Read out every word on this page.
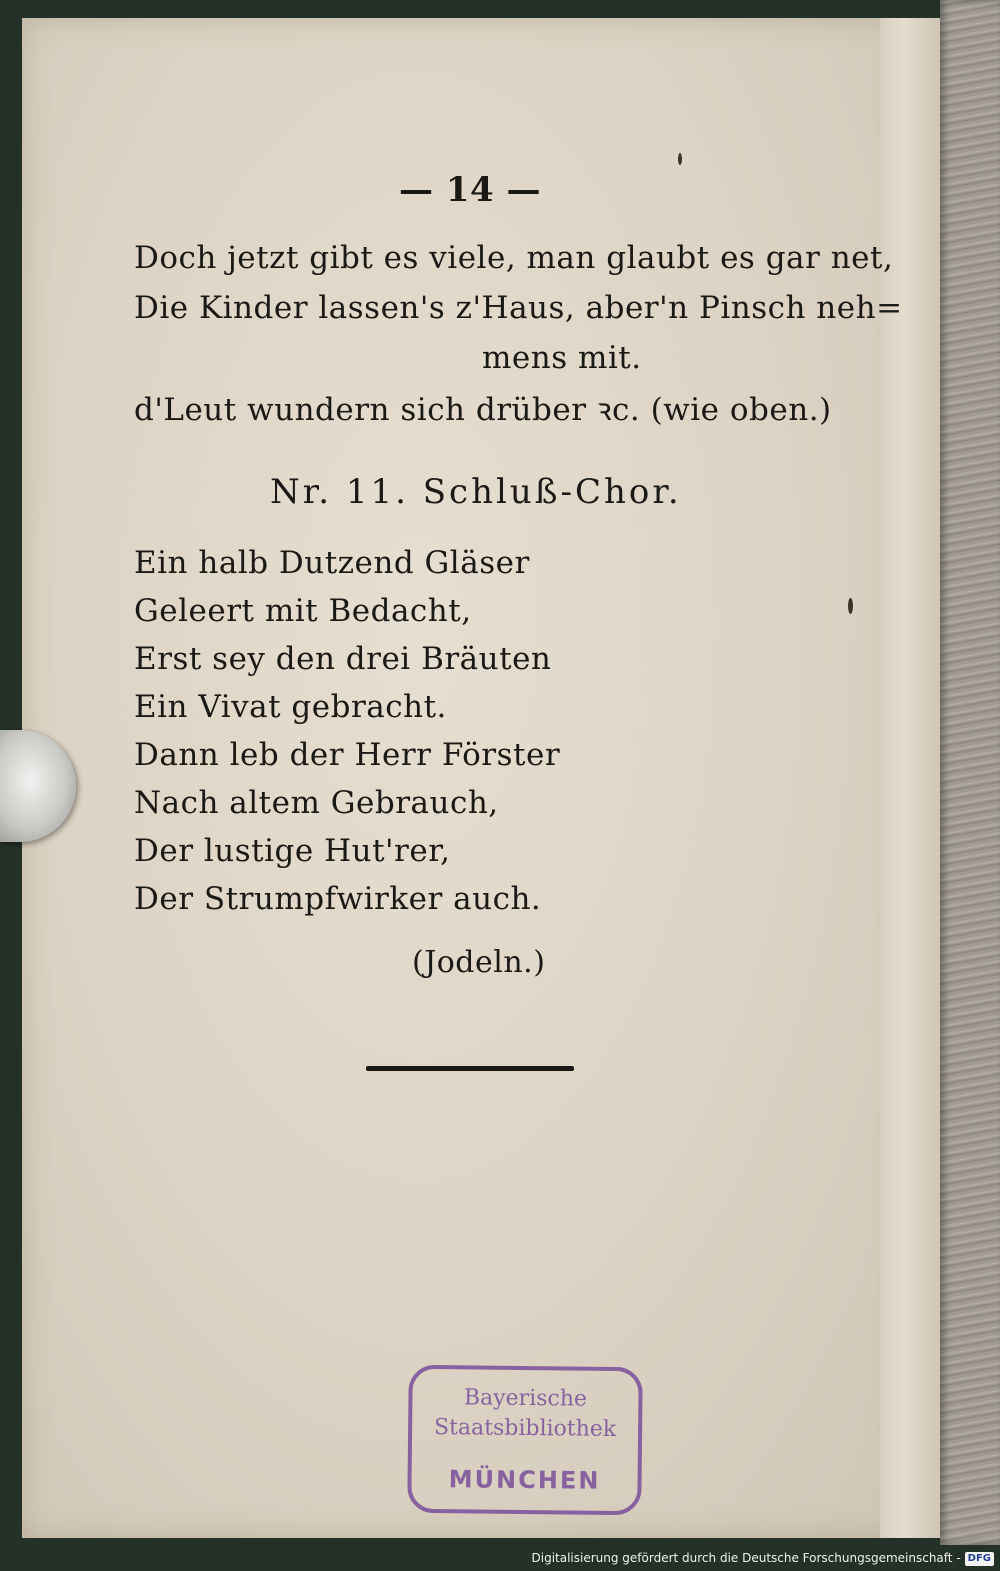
— 14 —
Doch jetzt gibt es viele, man glaubt es gar net,
Die Kinder lassen's z'Haus, aber'n Pinsch neh=
mens mit.
d'Leut wundern sich drüber ꝛc. (wie oben.)
Nr. 11. Schluß-Chor.
Ein halb Dutzend Gläser
Geleert mit Bedacht,
Erst sey den drei Bräuten
Ein Vivat gebracht.
Dann leb der Herr Förster
Nach altem Gebrauch,
Der lustige Hut'rer,
Der Strumpfwirker auch.
(Jodeln.)
Bayerische
Staatsbibliothek
MÜNCHEN
Digitalisierung gefördert durch die Deutsche Forschungsgemeinschaft - DFG
